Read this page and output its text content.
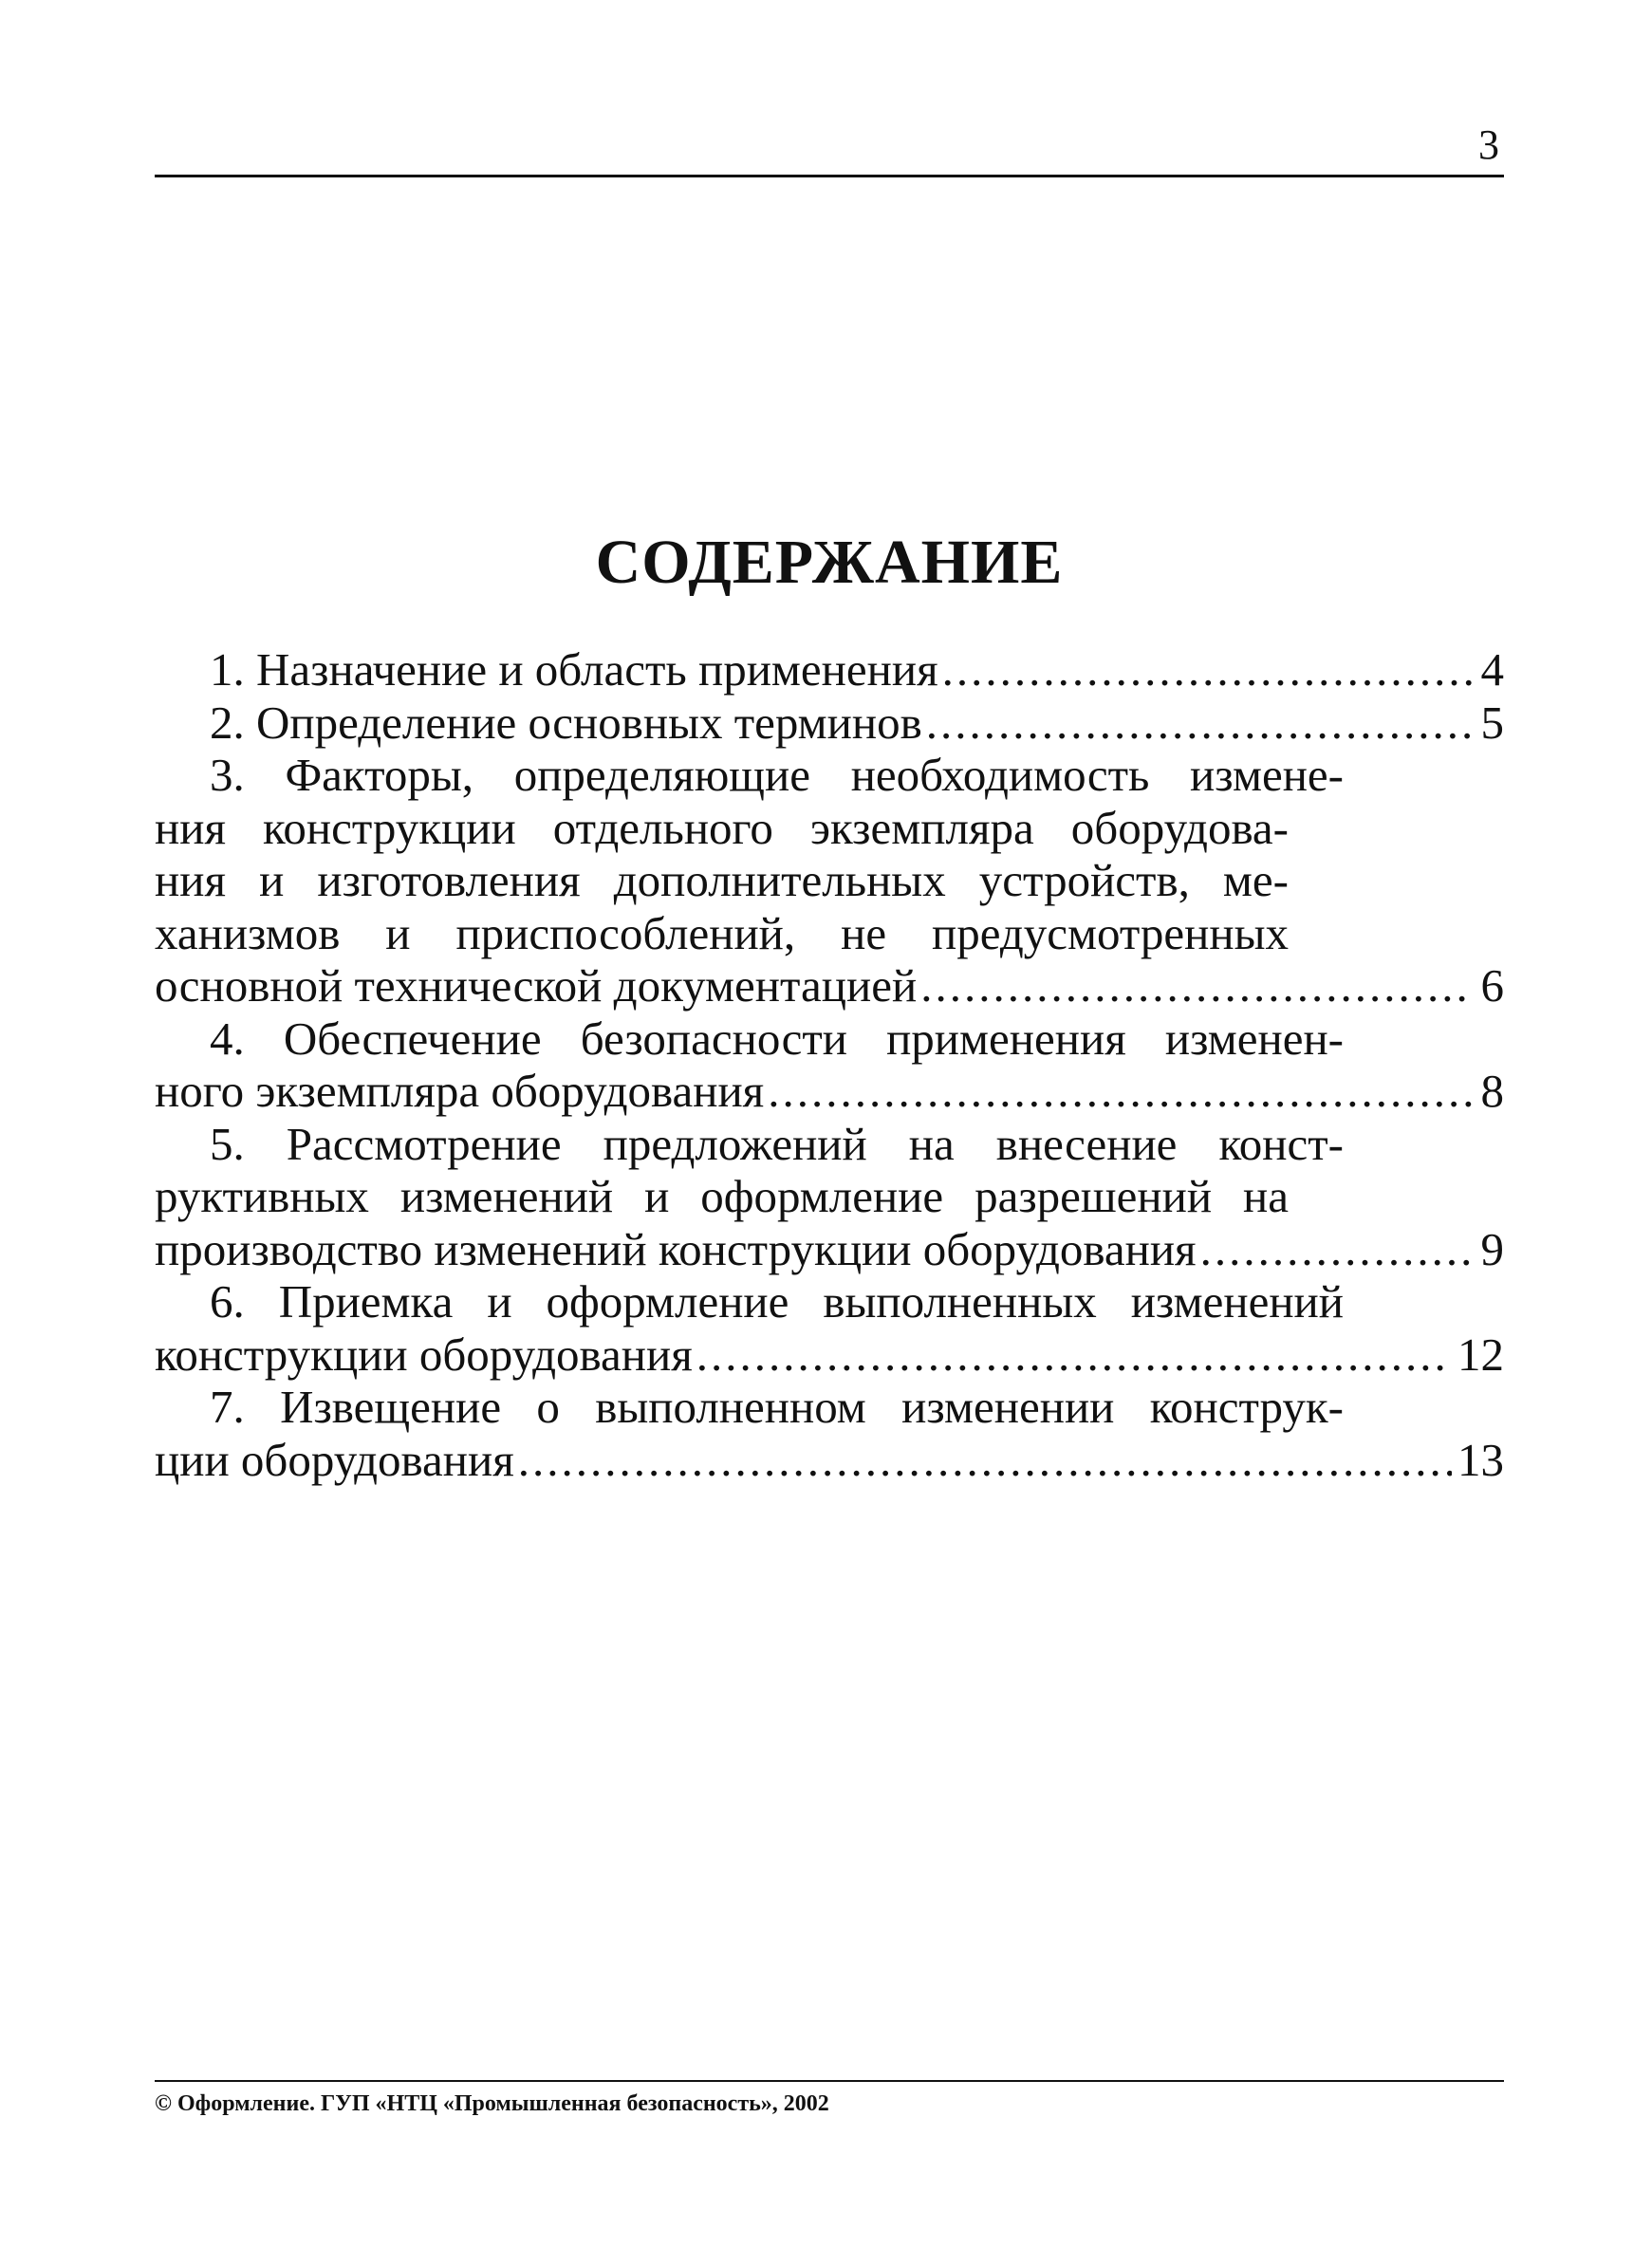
3
СОДЕРЖАНИЕ
1. Назначение и область применения .....	4
2. Определение основных терминов .....	5
3. Факторы, определяющие необходимость измене-
ния конструкции отдельного экземпляра оборудова-
ния и изготовления дополнительных устройств, ме-
ханизмов и приспособлений, не предусмотренных
основной технической документацией .....	6
4. Обеспечение безопасности применения изменен-
ного экземпляра оборудования .....	8
5. Рассмотрение предложений на внесение конст-
руктивных изменений и оформление разрешений на
производство изменений конструкции оборудования .....	9
6. Приемка и оформление выполненных изменений
конструкции оборудования .....	12
7. Извещение о выполненном изменении конструк-
ции оборудования .....	13
© Оформление. ГУП «НТЦ «Промышленная безопасность», 2002
